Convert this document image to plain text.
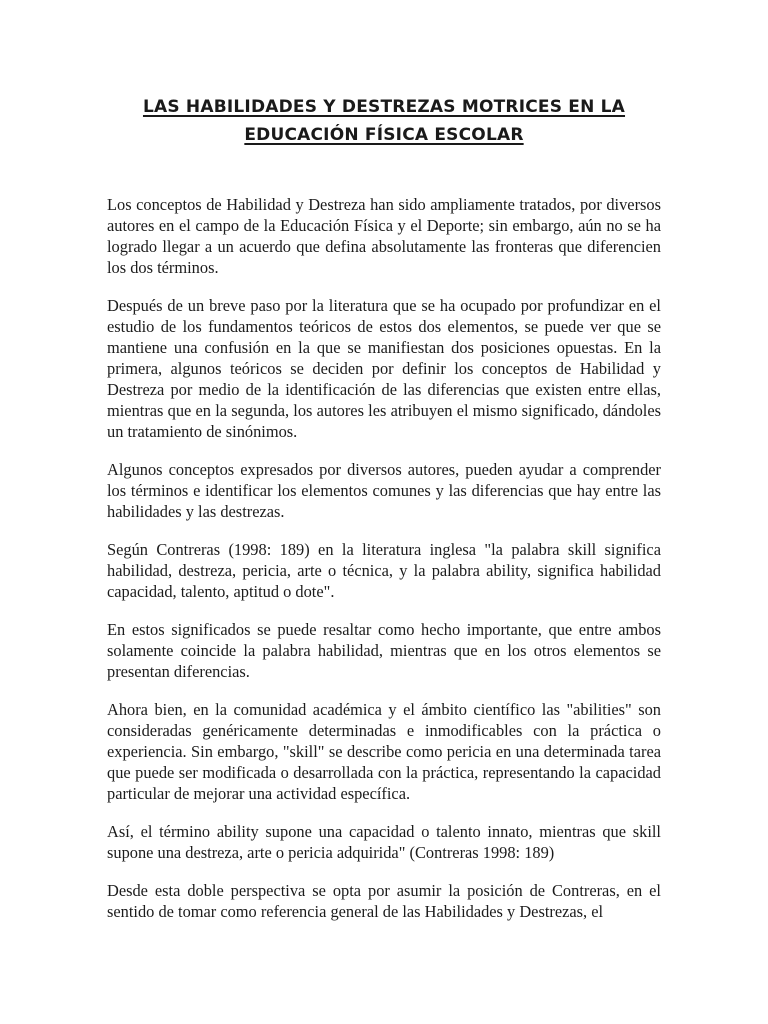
LAS HABILIDADES Y DESTREZAS MOTRICES EN LA
EDUCACIÓN FÍSICA ESCOLAR

Los conceptos de Habilidad y Destreza han sido ampliamente tratados, por diversos autores en el campo de la Educación Física y el Deporte; sin embargo, aún no se ha logrado llegar a un acuerdo que defina absolutamente las fronteras que diferencien los dos términos.

Después de un breve paso por la literatura que se ha ocupado por profundizar en el estudio de los fundamentos teóricos de estos dos elementos, se puede ver que se mantiene una confusión en la que se manifiestan dos posiciones opuestas. En la primera, algunos teóricos se deciden por definir los conceptos de Habilidad y Destreza por medio de la identificación de las diferencias que existen entre ellas, mientras que en la segunda, los autores les atribuyen el mismo significado, dándoles un tratamiento de sinónimos.

Algunos conceptos expresados por diversos autores, pueden ayudar a comprender los términos e identificar los elementos comunes y las diferencias que hay entre las habilidades y las destrezas.

Según Contreras (1998: 189) en la literatura inglesa "la palabra skill significa habilidad, destreza, pericia, arte o técnica, y la palabra ability, significa habilidad capacidad, talento, aptitud o dote".

En estos significados se puede resaltar como hecho importante, que entre ambos solamente coincide la palabra habilidad, mientras que en los otros elementos se presentan diferencias.

Ahora bien, en la comunidad académica y el ámbito científico las "abilities" son consideradas genéricamente determinadas e inmodificables con la práctica o experiencia. Sin embargo, "skill" se describe como pericia en una determinada tarea que puede ser modificada o desarrollada con la práctica, representando la capacidad particular de mejorar una actividad específica.

Así, el término ability supone una capacidad o talento innato, mientras que skill supone una destreza, arte o pericia adquirida" (Contreras 1998: 189)

Desde esta doble perspectiva se opta por asumir la posición de Contreras, en el sentido de tomar como referencia general de las Habilidades y Destrezas, el
